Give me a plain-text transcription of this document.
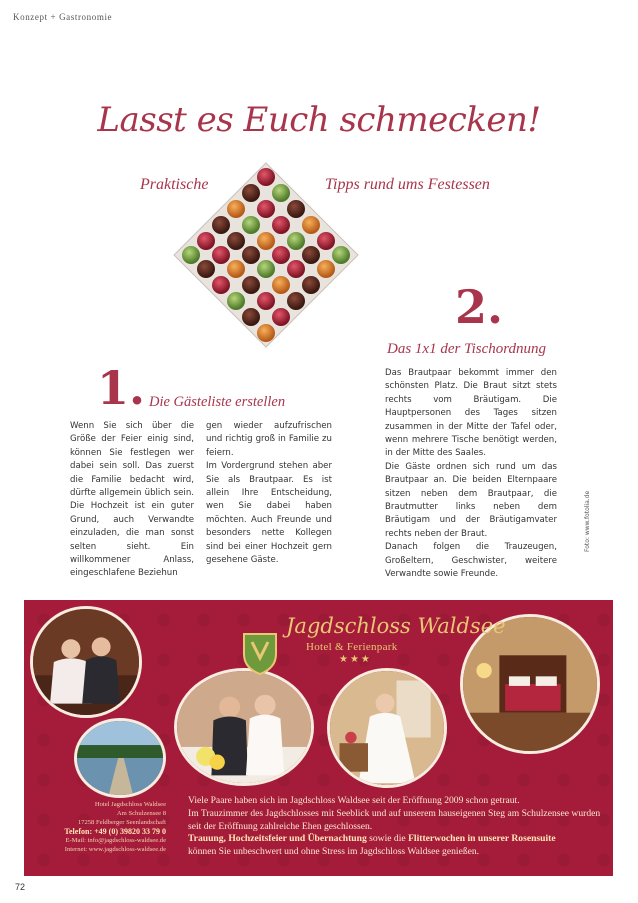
Konzept + Gastronomie
Lasst es Euch schmecken!
Praktische	Tipps rund ums Festessen
2.
Das 1x1 der Tischordnung
1. Die Gästeliste erstellen
Wenn Sie sich über die Größe der Feier einig sind, können Sie festlegen wer dabei sein soll. Das zuerst die Familie bedacht wird, dürfte allgemein üblich sein. Die Hochzeit ist ein guter Grund, auch Verwandte einzuladen, die man sonst selten sieht. Ein willkommener Anlass, eingeschlafene Beziehun
gen wieder aufzufrischen und richtig groß in Familie zu feiern.
Im Vordergrund stehen aber Sie als Brautpaar. Es ist allein Ihre Entscheidung, wen Sie dabei haben möchten. Auch Freunde und besonders nette Kollegen sind bei einer Hochzeit gern gesehene Gäste.
Das Brautpaar bekommt immer den schönsten Platz. Die Braut sitzt stets rechts vom Bräutigam. Die Hauptpersonen des Tages sitzen zusammen in der Mitte der Tafel oder, wenn mehrere Tische benötigt werden, in der Mitte des Saales.
Die Gäste ordnen sich rund um das Brautpaar an. Die beiden Elternpaare sitzen neben dem Brautpaar, die Brautmutter links neben dem Bräutigam und der Bräutigamvater rechts neben der Braut.
Danach folgen die Trauzeugen, Großeltern, Geschwister, weitere Verwandte sowie Freunde.
Foto: www.fotolia.de
Jagdschloss Waldsee
Hotel & Ferienpark
★★★
Hotel Jagdschloss Waldsee
Am Schulzensee 8
17258 Feldberger Seenlandschaft
Telefon: +49 (0) 39820 33 79 0
E-Mail: info@jagdschloss-waldsee.de
Internet: www.jagdschloss-waldsee.de
Viele Paare haben sich im Jagdschloss Waldsee seit der Eröffnung 2009 schon getraut.
Im Trauzimmer des Jagdschlosses mit Seeblick und auf unserem hauseigenen Steg am Schulzensee wurden seit der Eröffnung zahlreiche Ehen geschlossen.
Trauung, Hochzeitsfeier und Übernachtung sowie die Flitterwochen in unserer Rosensuite
können Sie unbeschwert und ohne Stress im Jagdschloss Waldsee genießen.
72
